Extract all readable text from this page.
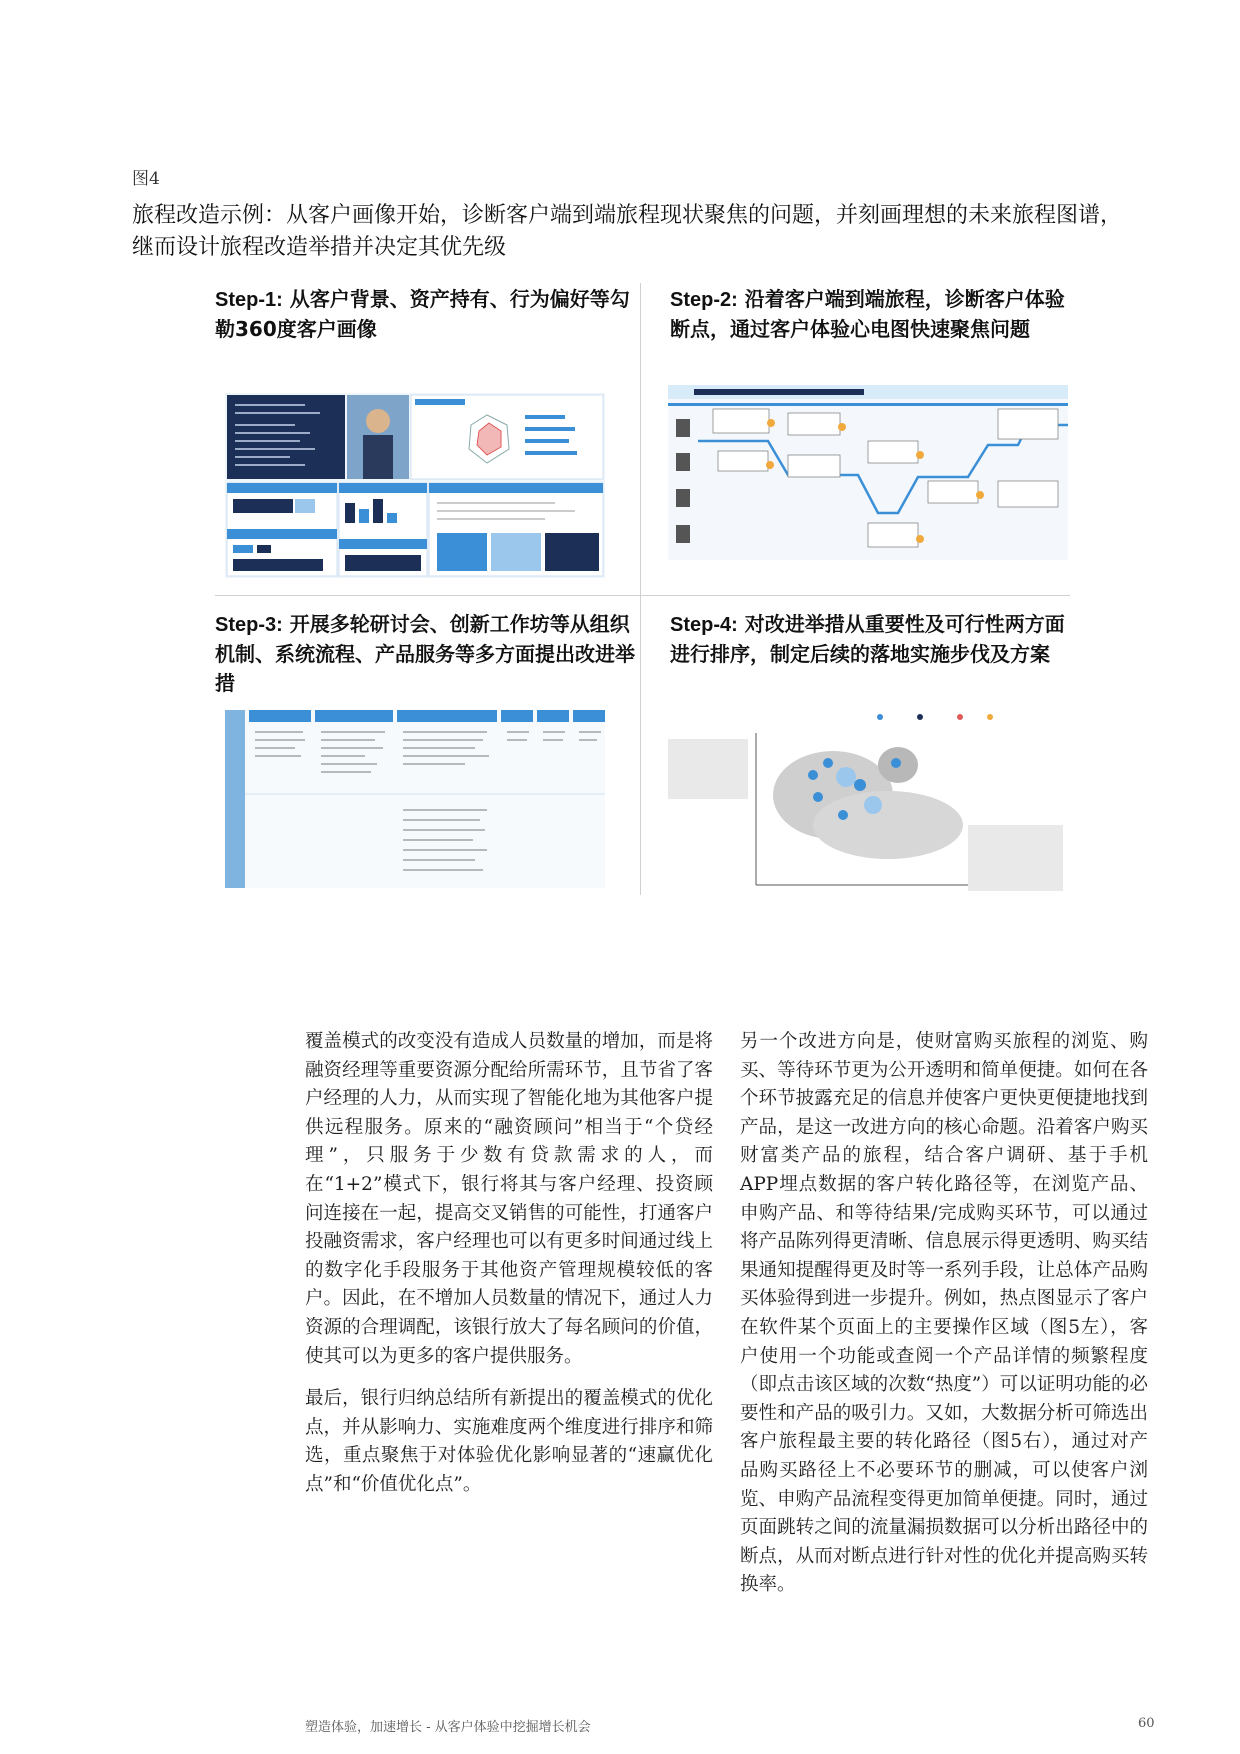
图4
旅程改造示例：从客户画像开始，诊断客户端到端旅程现状聚焦的问题，并刻画理想的未来旅程图谱，继而设计旅程改造举措并决定其优先级
Step-1: 从客户背景、资产持有、行为偏好等勾勒360度客户画像
Step-2: 沿着客户端到端旅程，诊断客户体验断点，通过客户体验心电图快速聚焦问题
Step-3: 开展多轮研讨会、创新工作坊等从组织机制、系统流程、产品服务等多方面提出改进举措
Step-4: 对改进举措从重要性及可行性两方面进行排序，制定后续的落地实施步伐及方案

覆盖模式的改变没有造成人员数量的增加，而是将融资经理等重要资源分配给所需环节，且节省了客户经理的人力，从而实现了智能化地为其他客户提供远程服务。原来的“融资顾问”相当于“个贷经理”，只服务于少数有贷款需求的人，而在“1+2”模式下，银行将其与客户经理、投资顾问连接在一起，提高交叉销售的可能性，打通客户投融资需求，客户经理也可以有更多时间通过线上的数字化手段服务于其他资产管理规模较低的客户。因此，在不增加人员数量的情况下，通过人力资源的合理调配，该银行放大了每名顾问的价值，使其可以为更多的客户提供服务。

最后，银行归纳总结所有新提出的覆盖模式的优化点，并从影响力、实施难度两个维度进行排序和筛选，重点聚焦于对体验优化影响显著的“速赢优化点”和“价值优化点”。

另一个改进方向是，使财富购买旅程的浏览、购买、等待环节更为公开透明和简单便捷。如何在各个环节披露充足的信息并使客户更快更便捷地找到产品，是这一改进方向的核心命题。沿着客户购买财富类产品的旅程，结合客户调研、基于手机APP埋点数据的客户转化路径等，在浏览产品、申购产品、和等待结果/完成购买环节，可以通过将产品陈列得更清晰、信息展示得更透明、购买结果通知提醒得更及时等一系列手段，让总体产品购买体验得到进一步提升。例如，热点图显示了客户在软件某个页面上的主要操作区域（图5左），客户使用一个功能或查阅一个产品详情的频繁程度（即点击该区域的次数“热度”）可以证明功能的必要性和产品的吸引力。又如，大数据分析可筛选出客户旅程最主要的转化路径（图5右），通过对产品购买路径上不必要环节的删减，可以使客户浏览、申购产品流程变得更加简单便捷。同时，通过页面跳转之间的流量漏损数据可以分析出路径中的断点，从而对断点进行针对性的优化并提高购买转换率。

塑造体验，加速增长 - 从客户体验中挖掘增长机会	60
